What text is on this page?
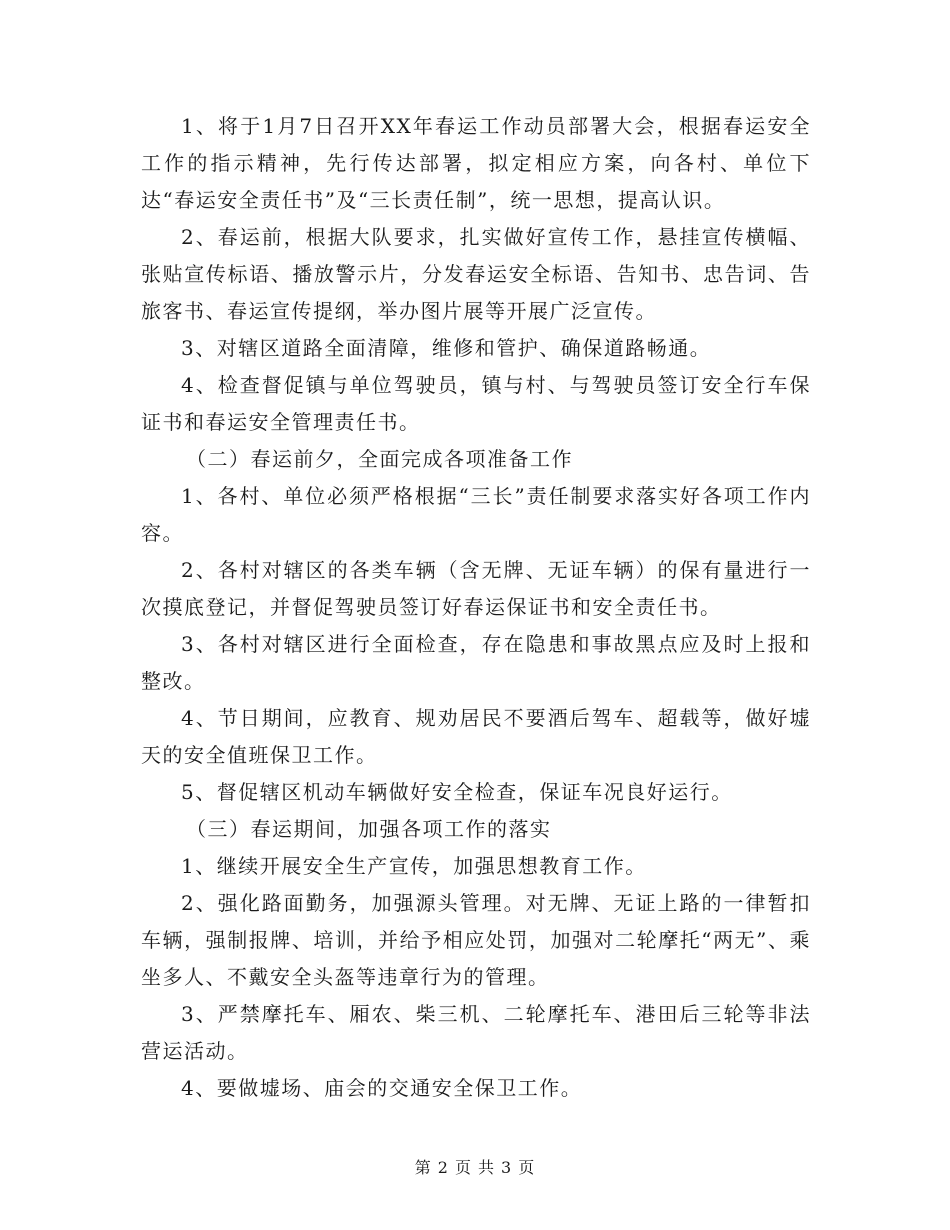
1、将于1月7日召开XX年春运工作动员部署大会，根据春运安全工作的指示精神，先行传达部署，拟定相应方案，向各村、单位下达“春运安全责任书”及“三长责任制”，统一思想，提高认识。

2、春运前，根据大队要求，扎实做好宣传工作，悬挂宣传横幅、张贴宣传标语、播放警示片，分发春运安全标语、告知书、忠告词、告旅客书、春运宣传提纲，举办图片展等开展广泛宣传。

3、对辖区道路全面清障，维修和管护、确保道路畅通。

4、检查督促镇与单位驾驶员，镇与村、与驾驶员签订安全行车保证书和春运安全管理责任书。

（二）春运前夕，全面完成各项准备工作

1、各村、单位必须严格根据“三长”责任制要求落实好各项工作内容。

2、各村对辖区的各类车辆（含无牌、无证车辆）的保有量进行一次摸底登记，并督促驾驶员签订好春运保证书和安全责任书。

3、各村对辖区进行全面检查，存在隐患和事故黑点应及时上报和整改。

4、节日期间，应教育、规劝居民不要酒后驾车、超载等，做好墟天的安全值班保卫工作。

5、督促辖区机动车辆做好安全检查，保证车况良好运行。

（三）春运期间，加强各项工作的落实

1、继续开展安全生产宣传，加强思想教育工作。

2、强化路面勤务，加强源头管理。对无牌、无证上路的一律暂扣车辆，强制报牌、培训，并给予相应处罚，加强对二轮摩托“两无”、乘坐多人、不戴安全头盔等违章行为的管理。

3、严禁摩托车、厢农、柴三机、二轮摩托车、港田后三轮等非法营运活动。

4、要做墟场、庙会的交通安全保卫工作。

第 2 页 共 3 页
